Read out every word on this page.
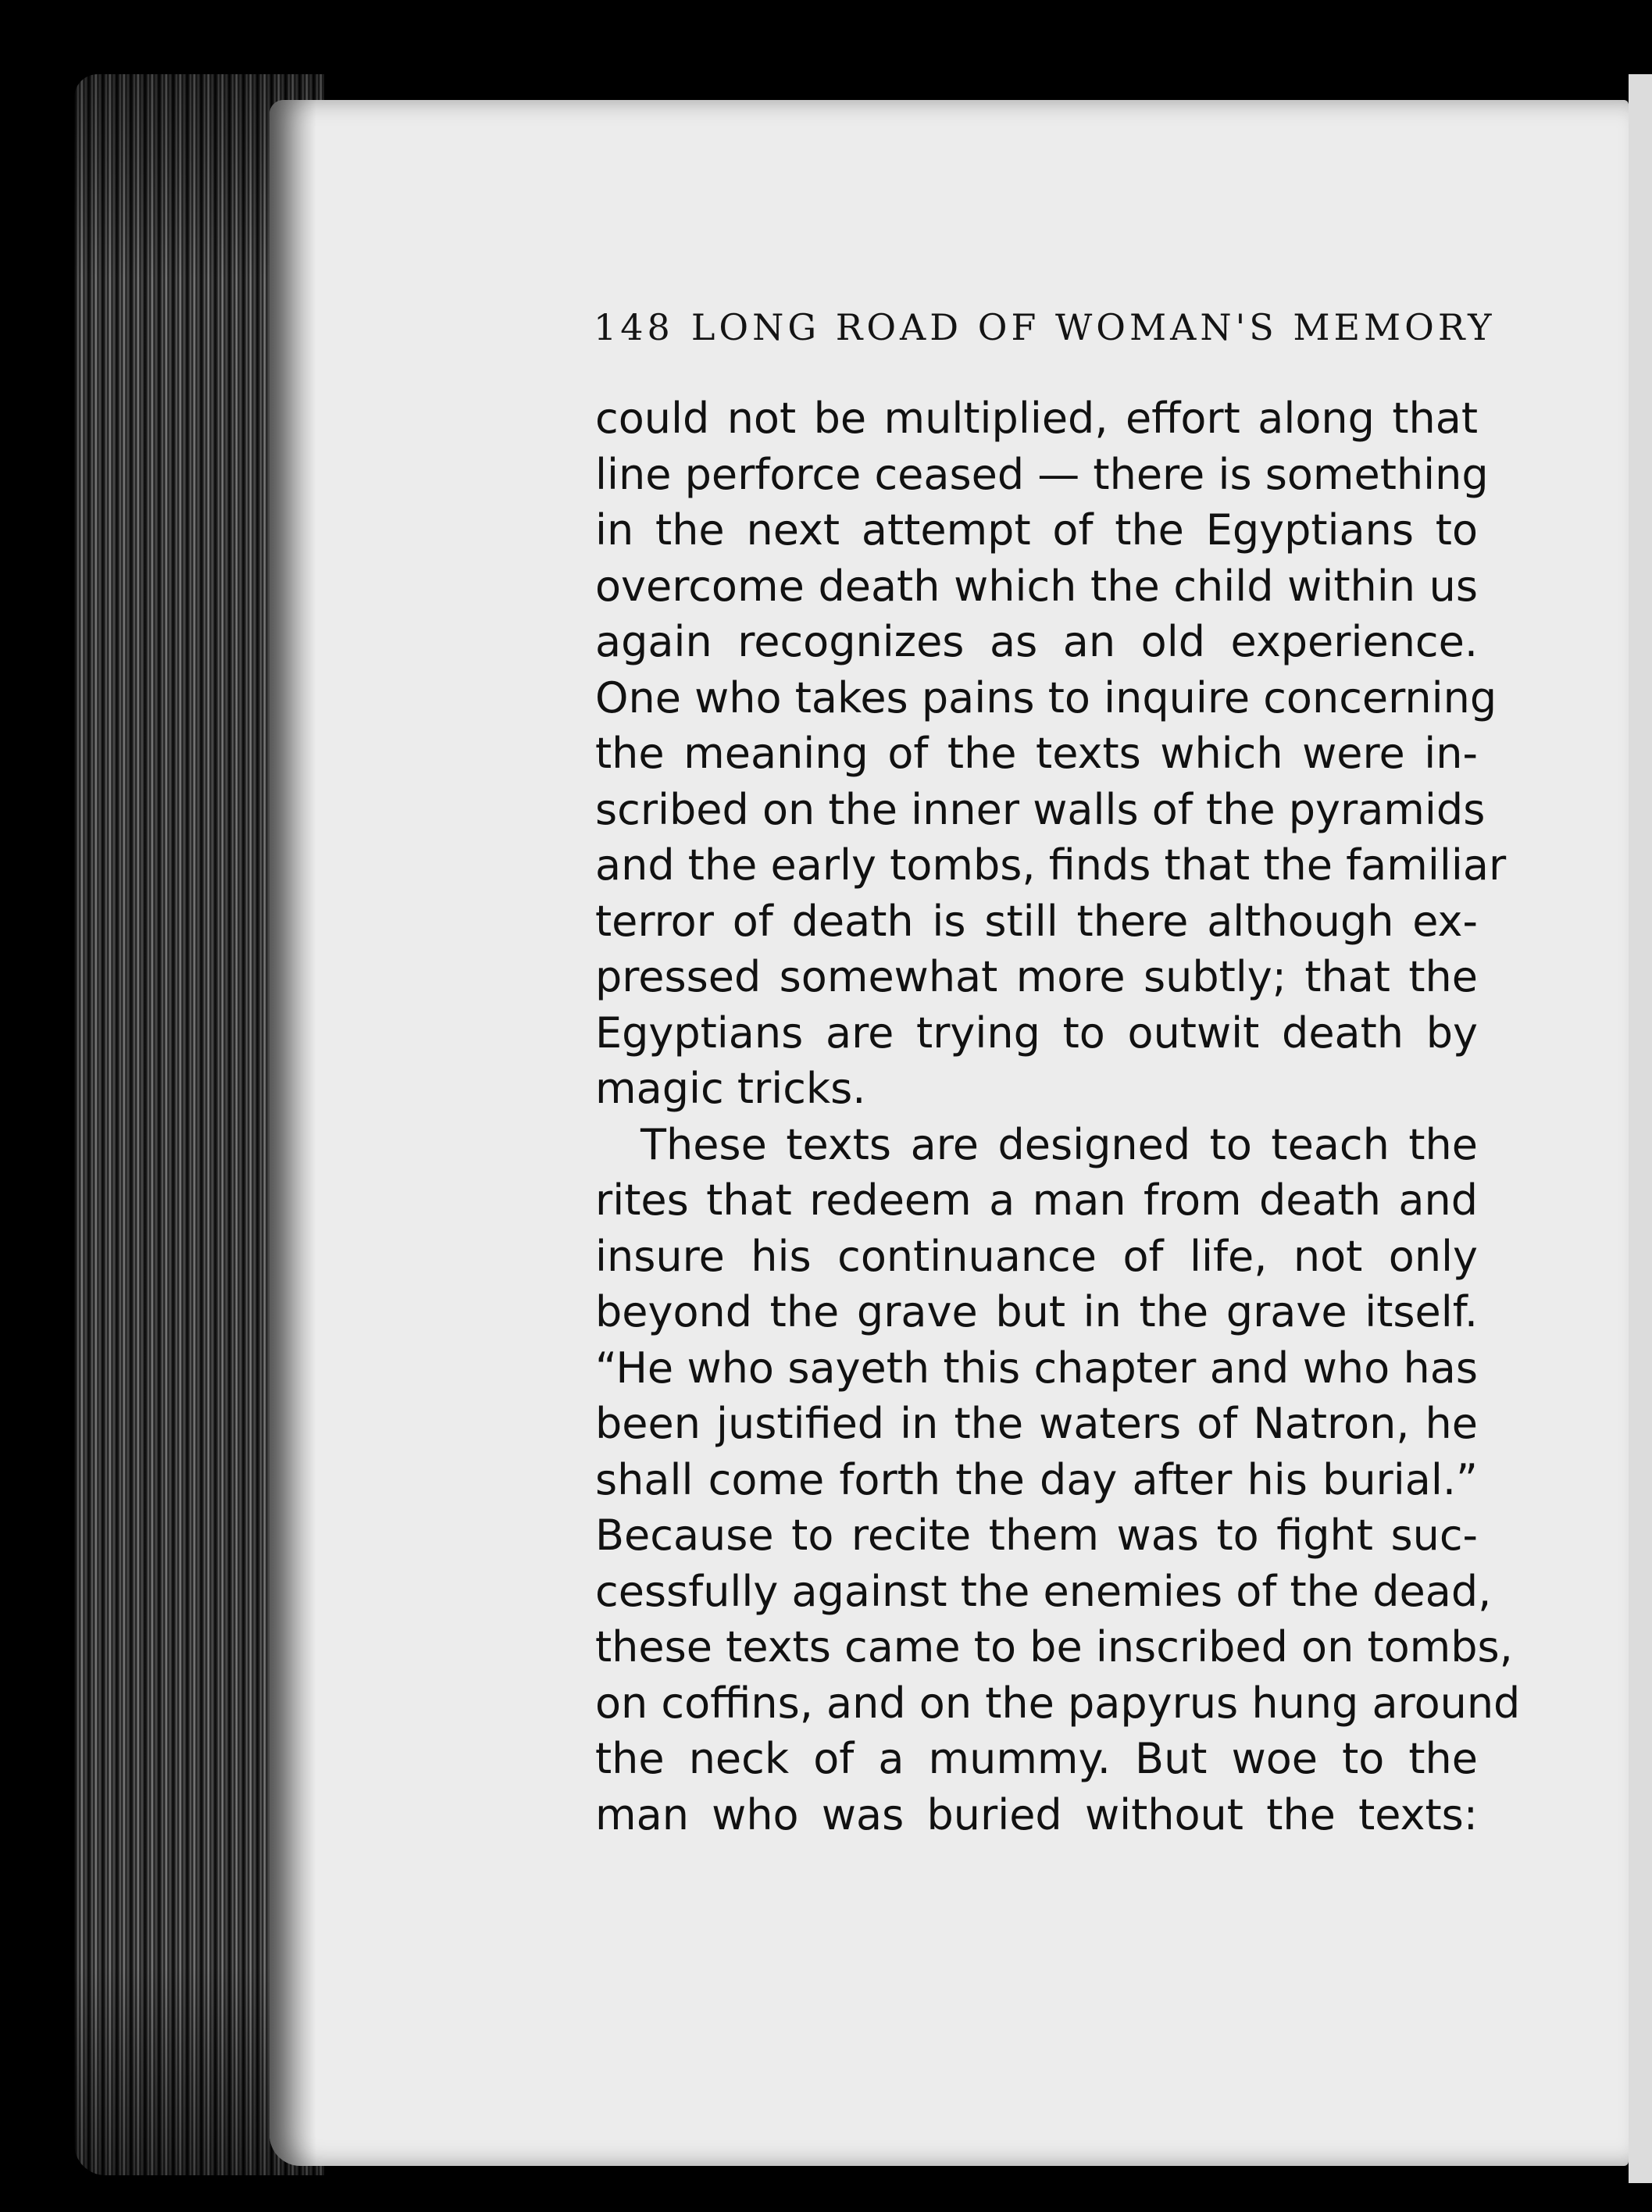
148 LONG ROAD OF WOMAN'S MEMORY
could not be multiplied, effort along that
line perforce ceased — there is something
in the next attempt of the Egyptians to
overcome death which the child within us
again recognizes as an old experience.
One who takes pains to inquire concerning
the meaning of the texts which were in-
scribed on the inner walls of the pyramids
and the early tombs, finds that the familiar
terror of death is still there although ex-
pressed somewhat more subtly; that the
Egyptians are trying to outwit death by
magic tricks.
These texts are designed to teach the
rites that redeem a man from death and
insure his continuance of life, not only
beyond the grave but in the grave itself.
“He who sayeth this chapter and who has
been justified in the waters of Natron, he
shall come forth the day after his burial.”
Because to recite them was to fight suc-
cessfully against the enemies of the dead,
these texts came to be inscribed on tombs,
on coffins, and on the papyrus hung around
the neck of a mummy. But woe to the
man who was buried without the texts:
